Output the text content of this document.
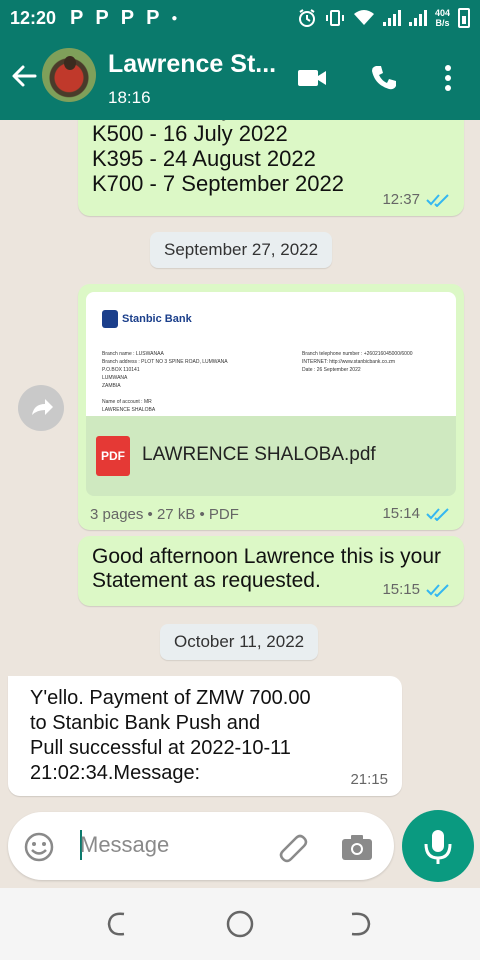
12:20 P P P P ●	404
B/s
Lawrence St...
18:16
K500 - 16 July 2022
K395 - 24 August 2022
K700 - 7 September 2022
12:37
September 27, 2022
Stanbic Bank
Branch name : LUSWANAA
Branch address : PLOT NO 3 SPINE ROAD, LUMWANA
P.O.BOX 110141
LUMWANA
ZAMBIA

Name of account : MR
LAWRENCE SHALOBA
Branch telephone number : +260216045000/6000
INTERNET: http://www.stanbicbank.co.zm
Date : 26 September 2022
PDF LAWRENCE SHALOBA.pdf
3 pages • 27 kB • PDF	15:14
Good afternoon Lawrence this is your
Statement as requested.	15:15
October 11, 2022
Y'ello. Payment of ZMW 700.00
to Stanbic Bank Push and
Pull successful at 2022-10-11
21:02:34.Message:	21:15
Message
